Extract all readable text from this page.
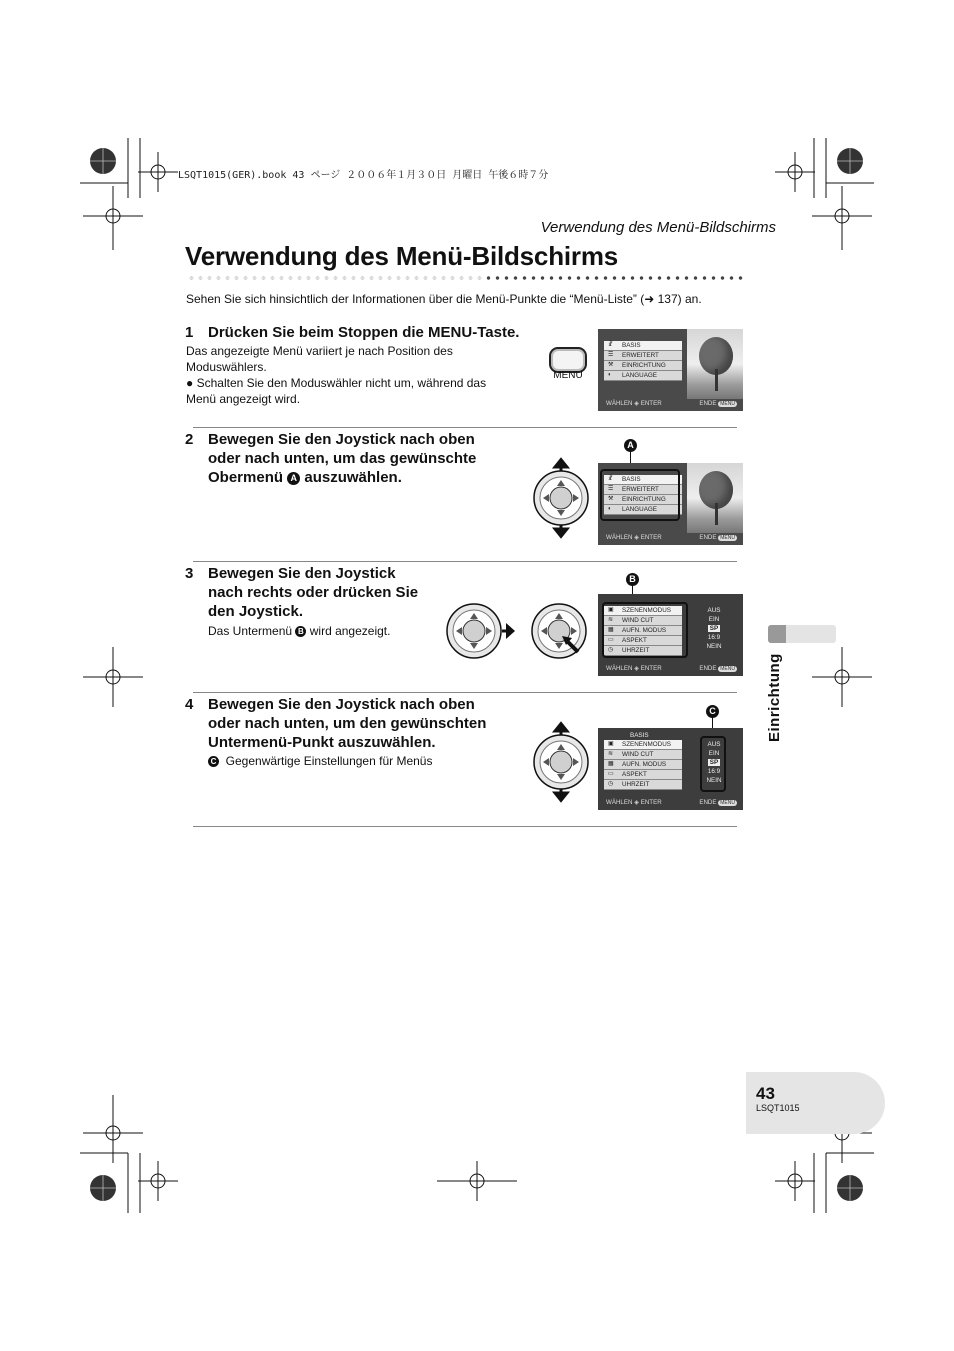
LSQT1015(GER).book 43 ページ ２００６年１月３０日 月曜日 午後６時７分
Verwendung des Menü-Bildschirms
Verwendung des Menü-Bildschirms
Sehen Sie sich hinsichtlich der Informationen über die Menü-Punkte die “Menü-Liste” (➜ 137) an.
1 Drücken Sie beim Stoppen die MENU-Taste.
Das angezeigte Menü variiert je nach Position des Moduswählers.
● Schalten Sie den Moduswähler nicht um, während das Menü angezeigt wird.
MENU
☧ BASIS
☰ ERWEITERT
⚒ EINRICHTUNG
◐ LANGUAGE
WÄHLEN ◈ ENTER	ENDE MENU
2 Bewegen Sie den Joystick nach oben
oder nach unten, um das gewünschte
Obermenü A auszuwählen.
A
☧ BASIS
☰ ERWEITERT
⚒ EINRICHTUNG
◐ LANGUAGE
WÄHLEN ◈ ENTER	ENDE MENU
3 Bewegen Sie den Joystick
nach rechts oder drücken Sie
den Joystick.
Das Untermenü B wird angezeigt.
B
▣ SZENENMODUS
≋ WIND CUT
▦ AUFN. MODUS
▭ ASPEKT
◷ UHRZEIT
AUS
EIN
SP
16:9
NEIN
WÄHLEN ◈ ENTER	ENDE MENU
4 Bewegen Sie den Joystick nach oben
oder nach unten, um den gewünschten
Untermenü-Punkt auszuwählen.
C Gegenwärtige Einstellungen für Menüs
C
BASIS
▣ SZENENMODUS
≋ WIND CUT
▦ AUFN. MODUS
▭ ASPEKT
◷ UHRZEIT
AUS
EIN
SP
16:9
NEIN
WÄHLEN ◈ ENTER	ENDE MENU
Einrichtung
43
LSQT1015
